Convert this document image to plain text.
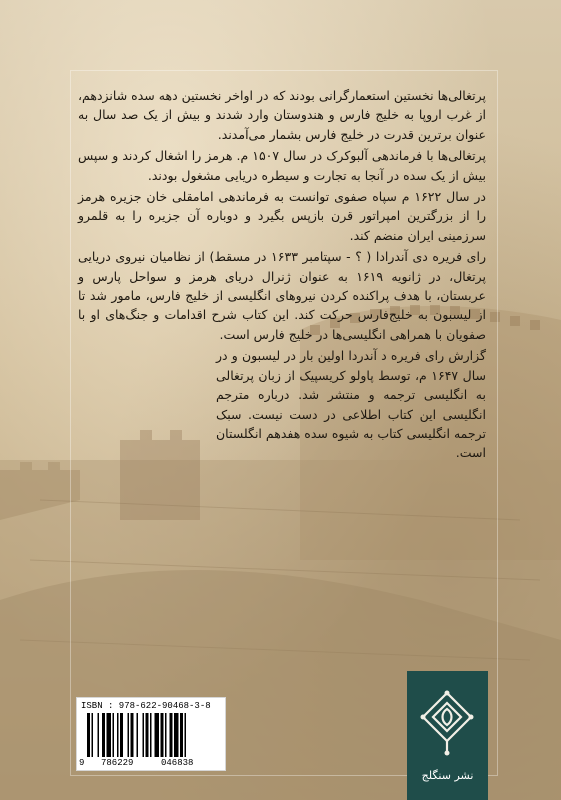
پرتغالی‌ها نخستین استعمارگرانی بودند که در اواخر نخستین دهه سده شانزدهم، از غرب اروپا به خلیج فارس و هندوستان وارد شدند و بیش از یک صد سال به عنوان برترین قدرت در خلیج فارس بشمار می‌آمدند.

پرتغالی‌ها با فرماندهی آلبوکرک در سال ۱۵۰۷ م. هرمز را اشغال کردند و سپس بیش از یک سده در آنجا به تجارت و سیطره دریایی مشغول بودند.

در سال ۱۶۲۲ م سپاه صفوی توانست به فرماندهی امامقلی خان جزیره هرمز را از بزرگترین امپراتور قرن بازپس بگیرد و دوباره آن جزیره را به قلمرو سرزمینی ایران منضم کند.

رای فریره دی آندرادا ( ؟ - سپتامبر ۱۶۳۳ در مسقط) از نظامیان نیروی دریایی پرتغال، در ژانویه ۱۶۱۹ به عنوان ژنرال دریای هرمز و سواحل پارس و عربستان، با هدف پراکنده کردن نیروهای انگلیسی از خلیج فارس، مامور شد تا از لیسبون به خلیج‌فارس حرکت کند. این کتاب شرح اقدامات و جنگ‌های او با صفویان با همراهی انگلیسی‌ها در خلیج فارس است.

گزارش رای فریره د آندردا اولین بار در لیسبون و در سال ۱۶۴۷ م، توسط پاولو کریسپیک از زبان پرتغالی به انگلیسی ترجمه و منتشر شد. درباره مترجم انگلیسی این کتاب اطلاعی در دست نیست. سبک ترجمه انگلیسی کتاب به شیوه سده هفدهم انگلستان است.

ISBN : 978-622-90468-3-8
9 786229	046838
نشر سنگلج
